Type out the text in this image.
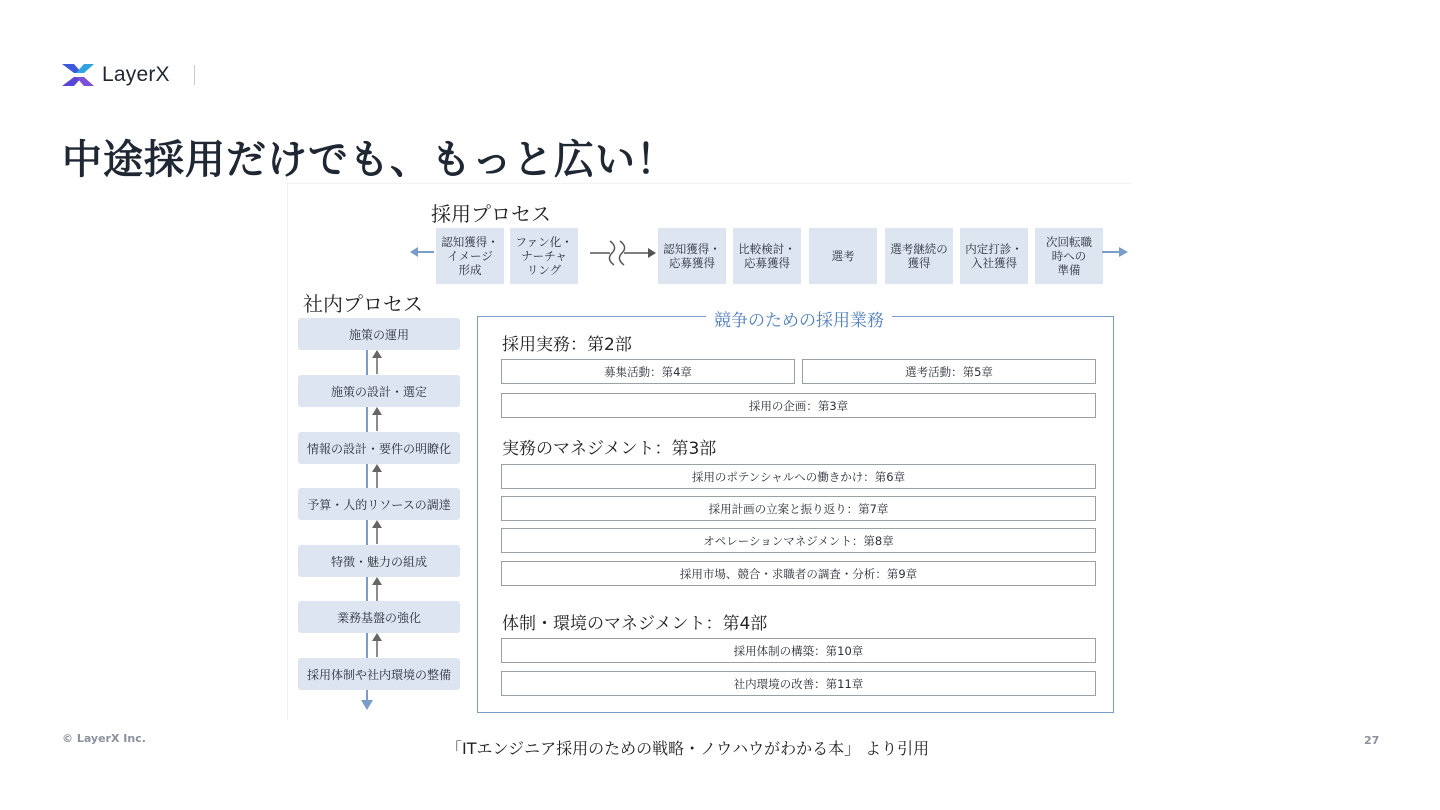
LayerX
中途採用だけでも、もっと広い！
採用プロセス
認知獲得・
イメージ
形成
ファン化・
ナーチャ
リング
認知獲得・
応募獲得
比較検討・
応募獲得	選考	選考継続の
獲得
内定打診・
入社獲得
次回転職
時への
準備
社内プロセス
施策の運用
施策の設計・選定
情報の設計・要件の明瞭化
予算・人的リソースの調達
特徴・魅力の組成
業務基盤の強化
採用体制や社内環境の整備
競争のための採用業務
採用実務：第2部
募集活動：第4章	選考活動：第5章
採用の企画：第3章
実務のマネジメント：第3部
採用のポテンシャルへの働きかけ：第6章
採用計画の立案と振り返り：第7章
オペレーションマネジメント：第8章
採用市場、競合・求職者の調査・分析：第9章
体制・環境のマネジメント：第4部
採用体制の構築：第10章
社内環境の改善：第11章
© LayerX Inc.
「ITエンジニア採用のための戦略・ノウハウがわかる本」 より引用	27
